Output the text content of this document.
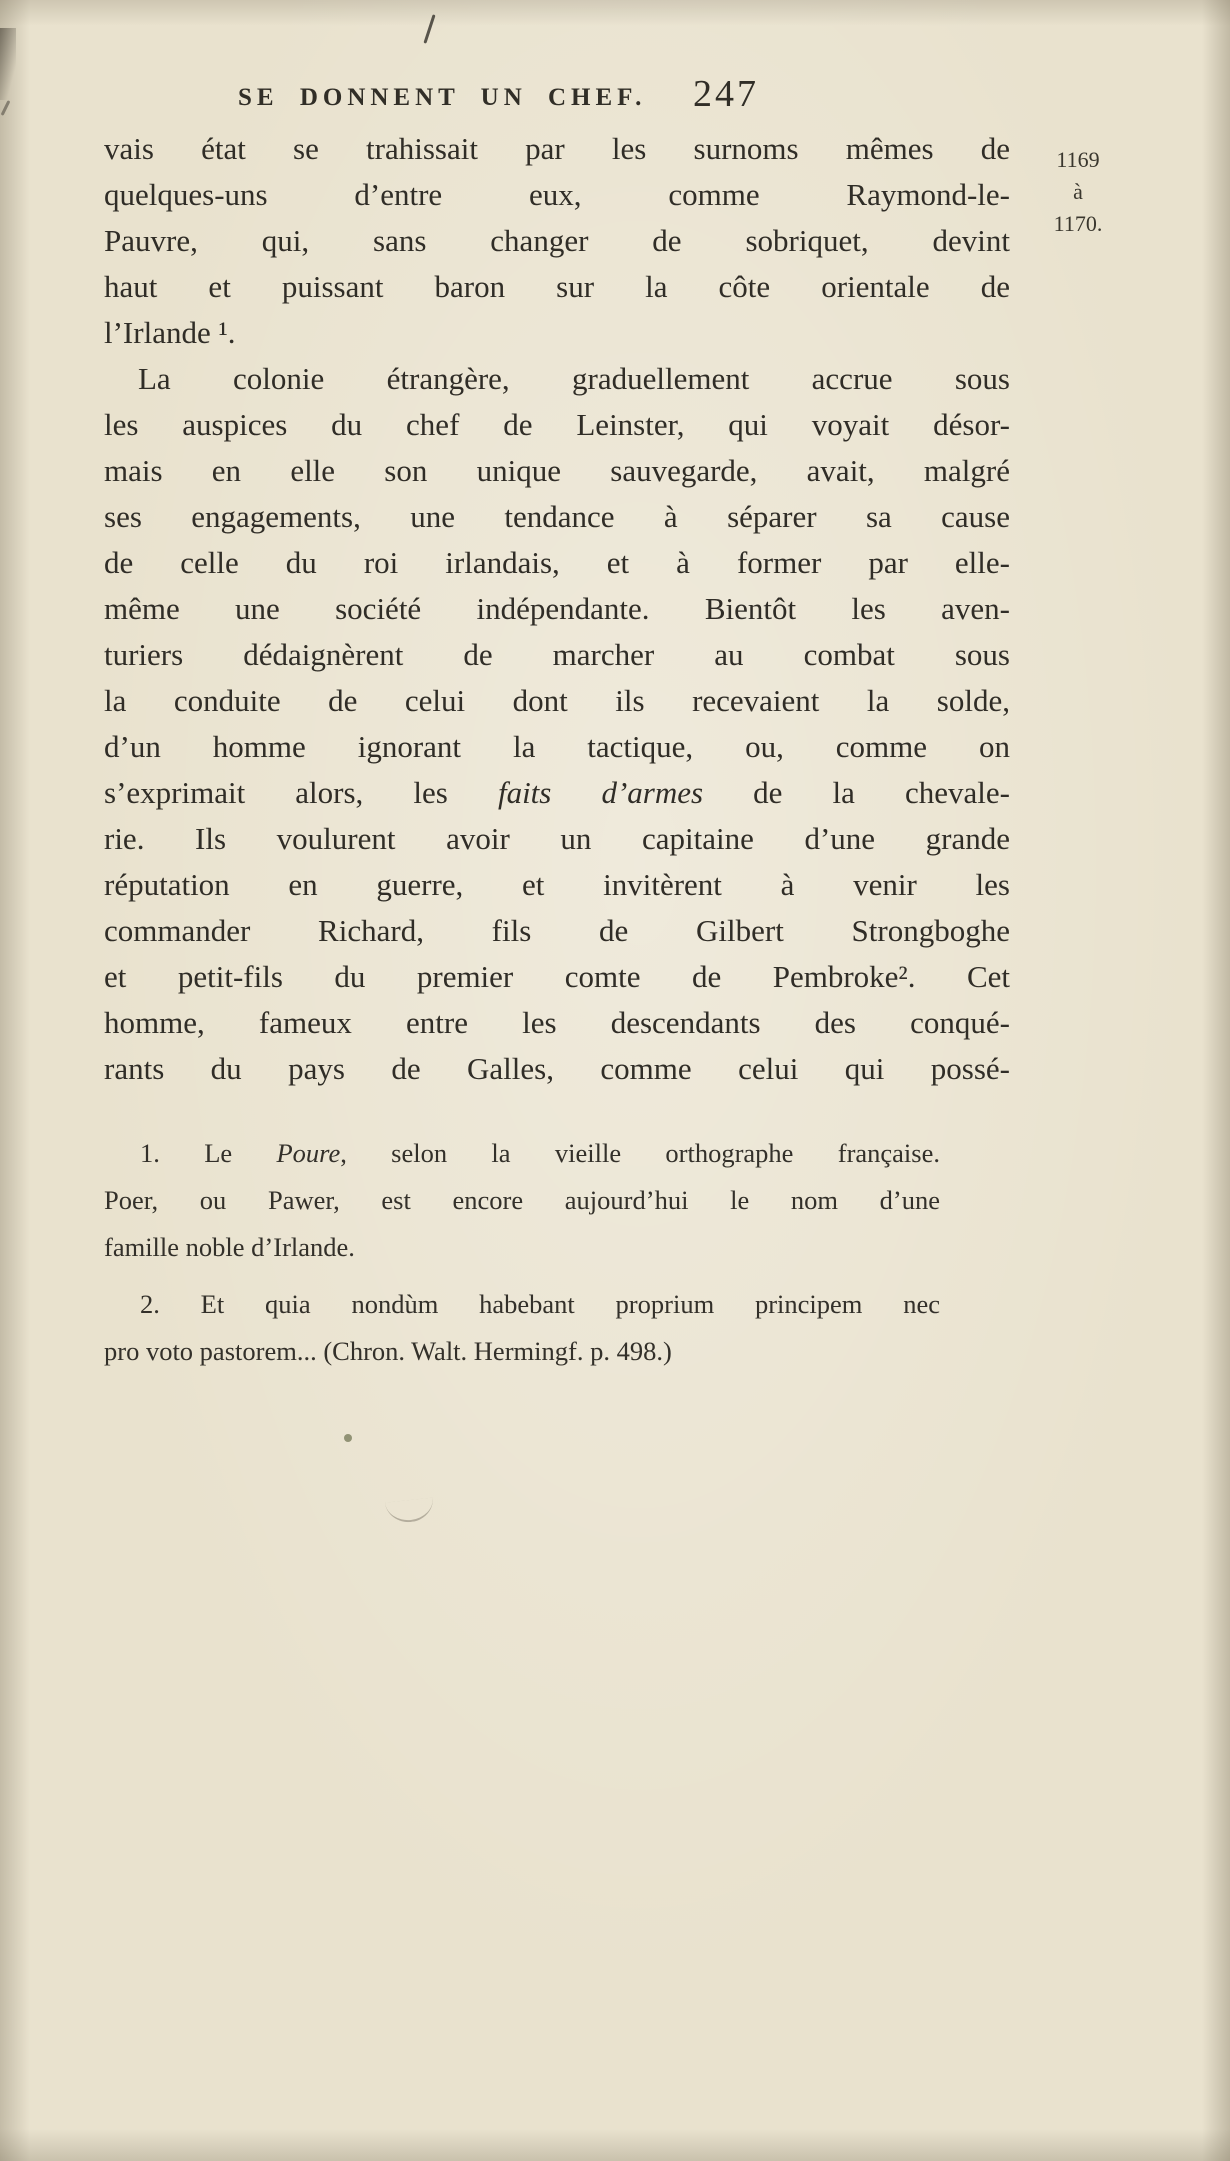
SE DONNENT UN CHEF. 247
1169
à
1170.
vais état se trahissait par les surnoms mêmes de
quelques-uns d’entre eux, comme Raymond-le-
Pauvre, qui, sans changer de sobriquet, devint
haut et puissant baron sur la côte orientale de
l’Irlande ¹.
La colonie étrangère, graduellement accrue sous
les auspices du chef de Leinster, qui voyait désor-
mais en elle son unique sauvegarde, avait, malgré
ses engagements, une tendance à séparer sa cause
de celle du roi irlandais, et à former par elle-
même une société indépendante. Bientôt les aven-
turiers dédaignèrent de marcher au combat sous
la conduite de celui dont ils recevaient la solde,
d’un homme ignorant la tactique, ou, comme on
s’exprimait alors, les faits d’armes de la chevale-
rie. Ils voulurent avoir un capitaine d’une grande
réputation en guerre, et invitèrent à venir les
commander Richard, fils de Gilbert Strongboghe
et petit-fils du premier comte de Pembroke². Cet
homme, fameux entre les descendants des conqué-
rants du pays de Galles, comme celui qui possé-
1. Le Poure, selon la vieille orthographe française.
Poer, ou Pawer, est encore aujourd’hui le nom d’une
famille noble d’Irlande.
2. Et quia nondùm habebant proprium principem nec
pro voto pastorem... (Chron. Walt. Hermingf. p. 498.)
